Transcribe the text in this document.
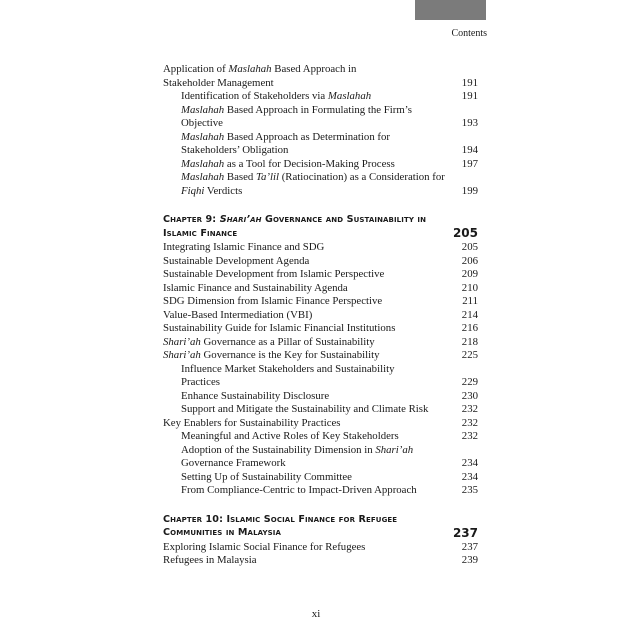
Contents
Application of Maslahah Based Approach in Stakeholder Management	191
Identification of Stakeholders via Maslahah	191
Maslahah Based Approach in Formulating the Firm’s Objective	193
Maslahah Based Approach as Determination for Stakeholders’ Obligation	194
Maslahah as a Tool for Decision-Making Process	197
Maslahah Based Ta’lil (Ratiocination) as a Consideration for Fiqhi Verdicts	199
Chapter 9: Shari’ah Governance and Sustainability in Islamic Finance	205
Integrating Islamic Finance and SDG	205
Sustainable Development Agenda	206
Sustainable Development from Islamic Perspective	209
Islamic Finance and Sustainability Agenda	210
SDG Dimension from Islamic Finance Perspective	211
Value-Based Intermediation (VBI)	214
Sustainability Guide for Islamic Financial Institutions	216
Shari’ah Governance as a Pillar of Sustainability	218
Shari’ah Governance is the Key for Sustainability	225
Influence Market Stakeholders and Sustainability Practices	229
Enhance Sustainability Disclosure	230
Support and Mitigate the Sustainability and Climate Risk	232
Key Enablers for Sustainability Practices	232
Meaningful and Active Roles of Key Stakeholders	232
Adoption of the Sustainability Dimension in Shari’ah Governance Framework	234
Setting Up of Sustainability Committee	234
From Compliance-Centric to Impact-Driven Approach	235
Chapter 10: Islamic Social Finance for Refugee Communities in Malaysia	237
Exploring Islamic Social Finance for Refugees	237
Refugees in Malaysia	239
xi
